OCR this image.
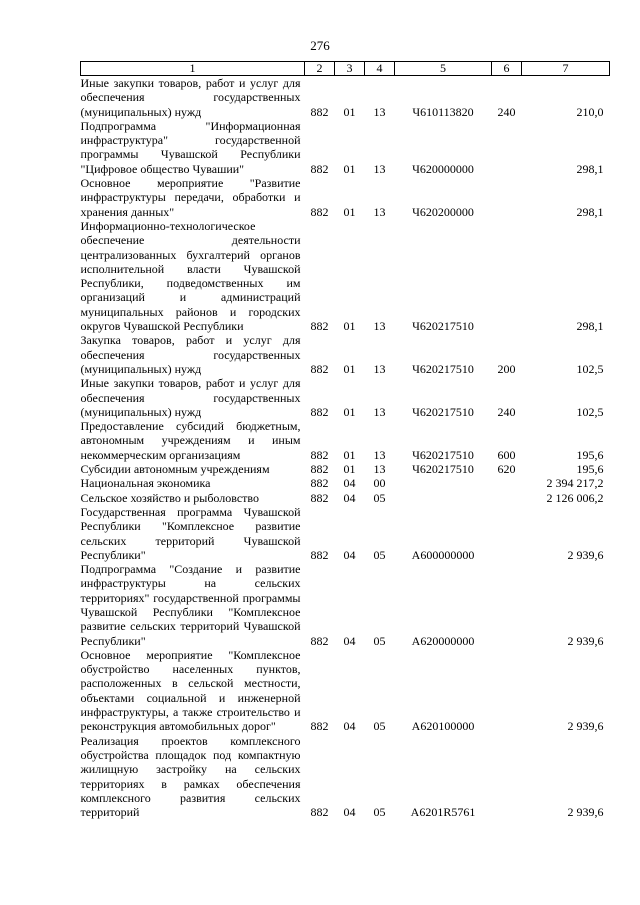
276
1	2	3	4	5	6	7
Иные закупки товаров, работ и услуг для обеспечения государственных (муниципальных) нужд	882	01	13	Ч610113820	240	210,0
Подпрограмма "Информационная инфраструктура" государственной программы Чувашской Республики "Цифровое общество Чувашии"	882	01	13	Ч620000000		298,1
Основное мероприятие "Развитие инфраструктуры передачи, обработки и хранения данных"	882	01	13	Ч620200000		298,1
Информационно-технологическое обеспечение деятельности централизованных бухгалтерий органов исполнительной власти Чувашской Республики, подведомственных им организаций и администраций муниципальных районов и городских округов Чувашской Республики	882	01	13	Ч620217510		298,1
Закупка товаров, работ и услуг для обеспечения государственных (муниципальных) нужд	882	01	13	Ч620217510	200	102,5
Иные закупки товаров, работ и услуг для обеспечения государственных (муниципальных) нужд	882	01	13	Ч620217510	240	102,5
Предоставление субсидий бюджетным, автономным учреждениям и иным некоммерческим организациям	882	01	13	Ч620217510	600	195,6
Субсидии автономным учреждениям	882	01	13	Ч620217510	620	195,6
Национальная экономика	882	04	00			2 394 217,2
Сельское хозяйство и рыболовство	882	04	05			2 126 006,2
Государственная программа Чувашской Республики "Комплексное развитие сельских территорий Чувашской Республики"	882	04	05	А600000000		2 939,6
Подпрограмма "Создание и развитие инфраструктуры на сельских территориях" государственной программы Чувашской Республики "Комплексное развитие сельских территорий Чувашской Республики"	882	04	05	А620000000		2 939,6
Основное мероприятие "Комплексное обустройство населенных пунктов, расположенных в сельской местности, объектами социальной и инженерной инфраструктуры, а также строительство и реконструкция автомобильных дорог"	882	04	05	А620100000		2 939,6
Реализация проектов комплексного обустройства площадок под компактную жилищную застройку на сельских территориях в рамках обеспечения комплексного развития сельских территорий	882	04	05	А6201R5761		2 939,6
